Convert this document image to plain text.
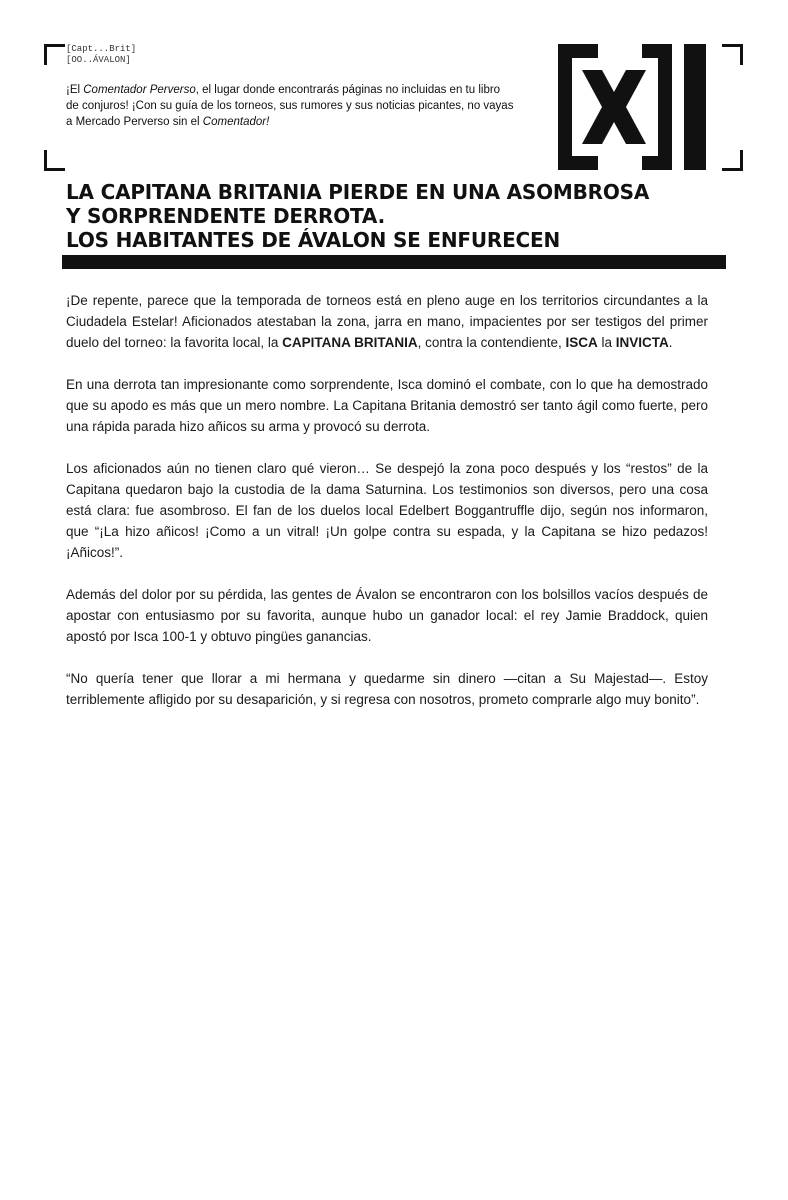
[Capt...Brit]
[OO..ÁVALON]
¡El Comentador Perverso, el lugar donde encontrarás páginas no incluidas en tu libro de conjuros! ¡Con su guía de los torneos, sus rumores y sus noticias picantes, no vayas a Mercado Perverso sin el Comentador!
LA CAPITANA BRITANIA PIERDE EN UNA ASOMBROSA
Y SORPRENDENTE DERROTA.
LOS HABITANTES DE ÁVALON SE ENFURECEN

¡De repente, parece que la temporada de torneos está en pleno auge en los territorios circundantes a la Ciudadela Estelar! Aficionados atestaban la zona, jarra en mano, impacientes por ser testigos del primer duelo del torneo: la favorita local, la CAPITANA BRITANIA, contra la contendiente, ISCA la INVICTA.

En una derrota tan impresionante como sorprendente, Isca dominó el combate, con lo que ha demostrado que su apodo es más que un mero nombre. La Capitana Britania demostró ser tanto ágil como fuerte, pero una rápida parada hizo añicos su arma y provocó su derrota.

Los aficionados aún no tienen claro qué vieron… Se despejó la zona poco después y los “restos” de la Capitana quedaron bajo la custodia de la dama Saturnina. Los testimonios son diversos, pero una cosa está clara: fue asombroso. El fan de los duelos local Edelbert Boggantruffle dijo, según nos informaron, que “¡La hizo añicos! ¡Como a un vitral! ¡Un golpe contra su espada, y la Capitana se hizo pedazos! ¡Añicos!”.

Además del dolor por su pérdida, las gentes de Ávalon se encontraron con los bolsillos vacíos después de apostar con entusiasmo por su favorita, aunque hubo un ganador local: el rey Jamie Braddock, quien apostó por Isca 100-1 y obtuvo pingües ganancias.

“No quería tener que llorar a mi hermana y quedarme sin dinero —citan a Su Majestad—. Estoy terriblemente afligido por su desaparición, y si regresa con nosotros, prometo comprarle algo muy bonito”.
